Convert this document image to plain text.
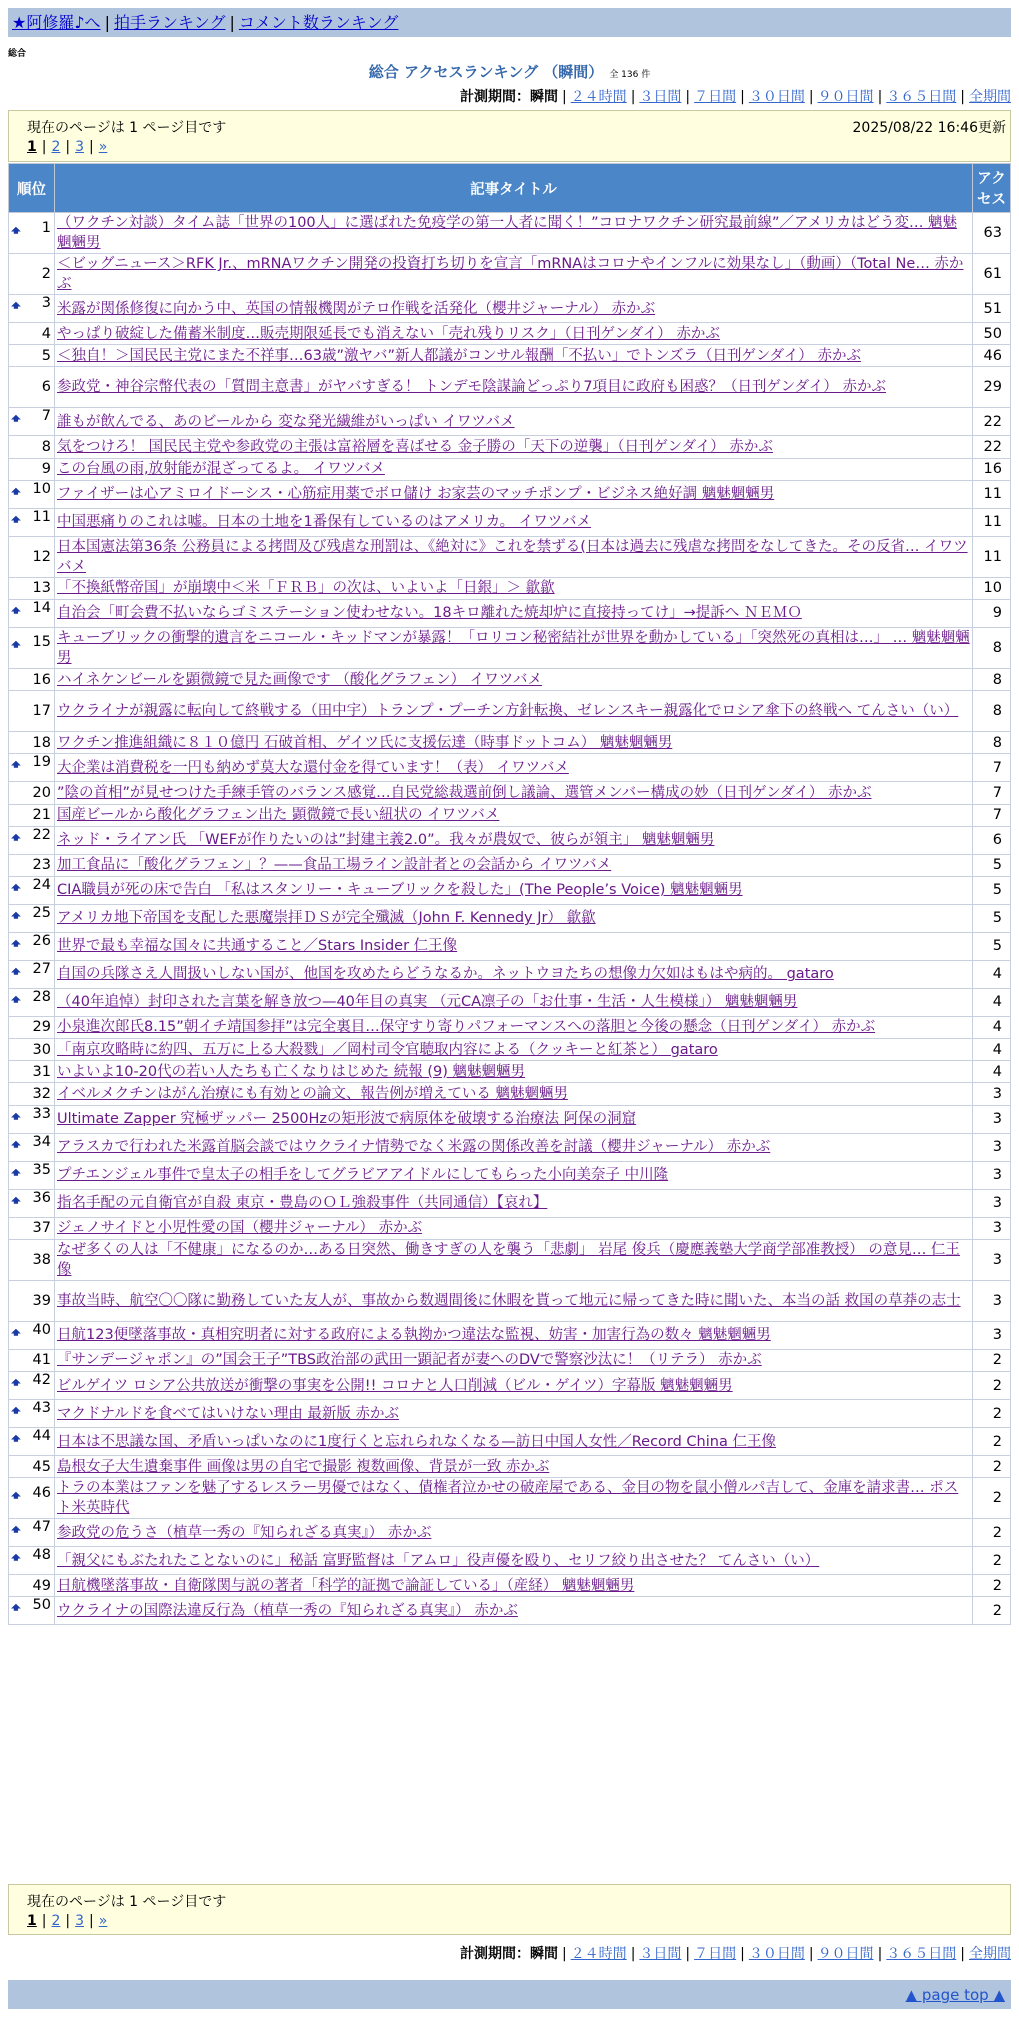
★阿修羅♪へ | 拍手ランキング | コメント数ランキング
総合
総合 アクセスランキング （瞬間） 全 136 件
計測期間：瞬間 | ２４時間 | ３日間 | ７日間 | ３０日間 | ９０日間 | ３６５日間 | 全期間
現在のページは 1 ページ目です	2025/08/22 16:46更新
1 | 2 | 3 | »
順位	記事タイトル	アクセス

🠹 1	（ワクチン対談）タイム誌「世界の100人」に選ばれた免疫学の第一人者に聞く！”コロナワクチン研究最前線”／アメリカはどう変… 魑魅魍魎男	63
2	＜ビッグニュース＞RFK Jr.、mRNAワクチン開発の投資打ち切りを宣言「mRNAはコロナやインフルに効果なし」（動画）（Total Ne… 赤かぶ	61

🠹 3	米露が関係修復に向かう中、英国の情報機関がテロ作戦を活発化（櫻井ジャーナル） 赤かぶ	51
4	やっぱり破綻した備蓄米制度…販売期限延長でも消えない「売れ残りリスク」（日刊ゲンダイ） 赤かぶ	50
5	＜独自！＞国民民主党にまた不祥事…63歳”激ヤバ”新人都議がコンサル報酬「不払い」でトンズラ（日刊ゲンダイ） 赤かぶ	46
6	参政党・神谷宗幣代表の「質問主意書」がヤバすぎる！ トンデモ陰謀論どっぷり7項目に政府も困惑？（日刊ゲンダイ） 赤かぶ	29

🠹 7	誰もが飲んでる、あのビールから 変な発光繊維がいっぱい イワツバメ	22
8	気をつけろ！ 国民民主党や参政党の主張は富裕層を喜ばせる 金子勝の「天下の逆襲」（日刊ゲンダイ） 赤かぶ	22
9	この台風の雨,放射能が混ざってるよ。 イワツバメ	16

🠹 10	ファイザーは心アミロイドーシス・心筋症用薬でボロ儲け お家芸のマッチポンプ・ビジネス絶好調 魑魅魍魎男	11

🠹 11	中国悪痛りのこれは嘘。日本の土地を1番保有しているのはアメリカ。 イワツバメ	11
12	日本国憲法第36条 公務員による拷問及び残虐な刑罰は、《絶対に》これを禁ずる(日本は過去に残虐な拷問をなしてきた。その反省… イワツバメ	11
13	「不換紙幣帝国」が崩壊中＜米「ＦＲＢ」の次は、いよいよ「日銀」＞ 歙歙	10

🠹 14	自治会「町会費不払いならゴミステーション使わせない。18キロ離れた焼却炉に直接持ってけ」→提訴へ ＮＥＭＯ	9

🠹 15	キューブリックの衝撃的遺言をニコール・キッドマンが暴露！「ロリコン秘密結社が世界を動かしている」「突然死の真相は…」 … 魑魅魍魎男	8
16	ハイネケンビールを顕微鏡で見た画像です （酸化グラフェン） イワツバメ	8
17	ウクライナが親露に転向して終戦する（田中宇）トランプ・プーチン方針転換、ゼレンスキー親露化でロシア傘下の終戦へ てんさい（い）	8
18	ワクチン推進組織に８１０億円 石破首相、ゲイツ氏に支援伝達（時事ドットコム） 魑魅魍魎男	8

🠹 19	大企業は消費税を一円も納めず莫大な還付金を得ています！（表） イワツバメ	7
20	”陰の首相”が見せつけた手練手管のバランス感覚…自民党総裁選前倒し議論、選管メンバー構成の妙（日刊ゲンダイ） 赤かぶ	7
21	国産ビールから酸化グラフェン出た 顕微鏡で長い紐状の イワツバメ	7

🠹 22	ネッド・ライアン氏 「WEFが作りたいのは”封建主義2.0”。我々が農奴で、彼らが領主」 魑魅魍魎男	6
23	加工食品に「酸化グラフェン」？——食品工場ライン設計者との会話から イワツバメ	5

🠹 24	CIA職員が死の床で告白 「私はスタンリー・キューブリックを殺した」(The People’s Voice) 魑魅魍魎男	5

🠹 25	アメリカ地下帝国を支配した悪魔崇拝ＤＳが完全殲滅（John F. Kennedy Jr） 歙歙	5

🠹 26	世界で最も幸福な国々に共通すること／Stars Insider 仁王像	5

🠹 27	自国の兵隊さえ人間扱いしない国が、他国を攻めたらどうなるか。ネットウヨたちの想像力欠如はもはや病的。 gataro	4

🠹 28	（40年追悼）封印された言葉を解き放つ—40年目の真実 （元CA凛子の「お仕事・生活・人生模様」） 魑魅魍魎男	4
29	小泉進次郎氏8.15”朝イチ靖国参拝”は完全裏目…保守すり寄りパフォーマンスへの落胆と今後の懸念（日刊ゲンダイ） 赤かぶ	4
30	「南京攻略時に約四、五万に上る大殺戮」／岡村司令官聴取内容による（クッキーと紅茶と） gataro	4
31	いよいよ10-20代の若い人たちも亡くなりはじめた 続報 (9) 魑魅魍魎男	4
32	イベルメクチンはがん治療にも有効との論文、報告例が増えている 魑魅魍魎男	3

🠹 33	Ultimate Zapper 究極ザッパー 2500Hzの矩形波で病原体を破壊する治療法 阿保の洞窟	3

🠹 34	アラスカで行われた米露首脳会談ではウクライナ情勢でなく米露の関係改善を討議（櫻井ジャーナル） 赤かぶ	3

🠹 35	プチエンジェル事件で皇太子の相手をしてグラビアアイドルにしてもらった小向美奈子 中川隆	3

🠹 36	指名手配の元自衛官が自殺 東京・豊島のＯＬ強殺事件（共同通信）【哀れ】	3
37	ジェノサイドと小児性愛の国（櫻井ジャーナル） 赤かぶ	3
38	なぜ多くの人は「不健康」になるのか…ある日突然、働きすぎの人を襲う「悲劇」 岩尾 俊兵（慶應義塾大学商学部准教授） の意見… 仁王像	3
39	事故当時、航空〇〇隊に勤務していた友人が、事故から数週間後に休暇を貰って地元に帰ってきた時に聞いた、本当の話 救国の草莽の志士	3

🠹 40	日航123便墜落事故・真相究明者に対する政府による執拗かつ違法な監視、妨害・加害行為の数々 魑魅魍魎男	3
41	『サンデージャポン』の”国会王子”TBS政治部の武田一顕記者が妻へのDVで警察沙汰に！（リテラ） 赤かぶ	2

🠹 42	ビルゲイツ ロシア公共放送が衝撃の事実を公開!! コロナと人口削減（ビル・ゲイツ）字幕版 魑魅魍魎男	2

🠹 43	マクドナルドを食べてはいけない理由 最新版 赤かぶ	2

🠹 44	日本は不思議な国、矛盾いっぱいなのに1度行くと忘れられなくなる—訪日中国人女性／Record China 仁王像	2
45	島根女子大生遺棄事件 画像は男の自宅で撮影 複数画像、背景が一致 赤かぶ	2

🠹 46	トラの本業はファンを魅了するレスラー男優ではなく、債権者泣かせの破産屋である、金目の物を鼠小僧ルパ吉して、金庫を請求書… ポスト米英時代	2

🠹 47	参政党の危うさ（植草一秀の『知られざる真実』） 赤かぶ	2

🠹 48	「親父にもぶたれたことないのに」秘話 富野監督は「アムロ」役声優を殴り、セリフ絞り出させた？ てんさい（い）	2
49	日航機墜落事故・自衛隊関与説の著者「科学的証拠で論証している」（産経） 魑魅魍魎男	2

🠹 50	ウクライナの国際法違反行為（植草一秀の『知られざる真実』） 赤かぶ	2
現在のページは 1 ページ目です
1 | 2 | 3 | »
計測期間：瞬間 | ２４時間 | ３日間 | ７日間 | ３０日間 | ９０日間 | ３６５日間 | 全期間
▲ page top ▲
